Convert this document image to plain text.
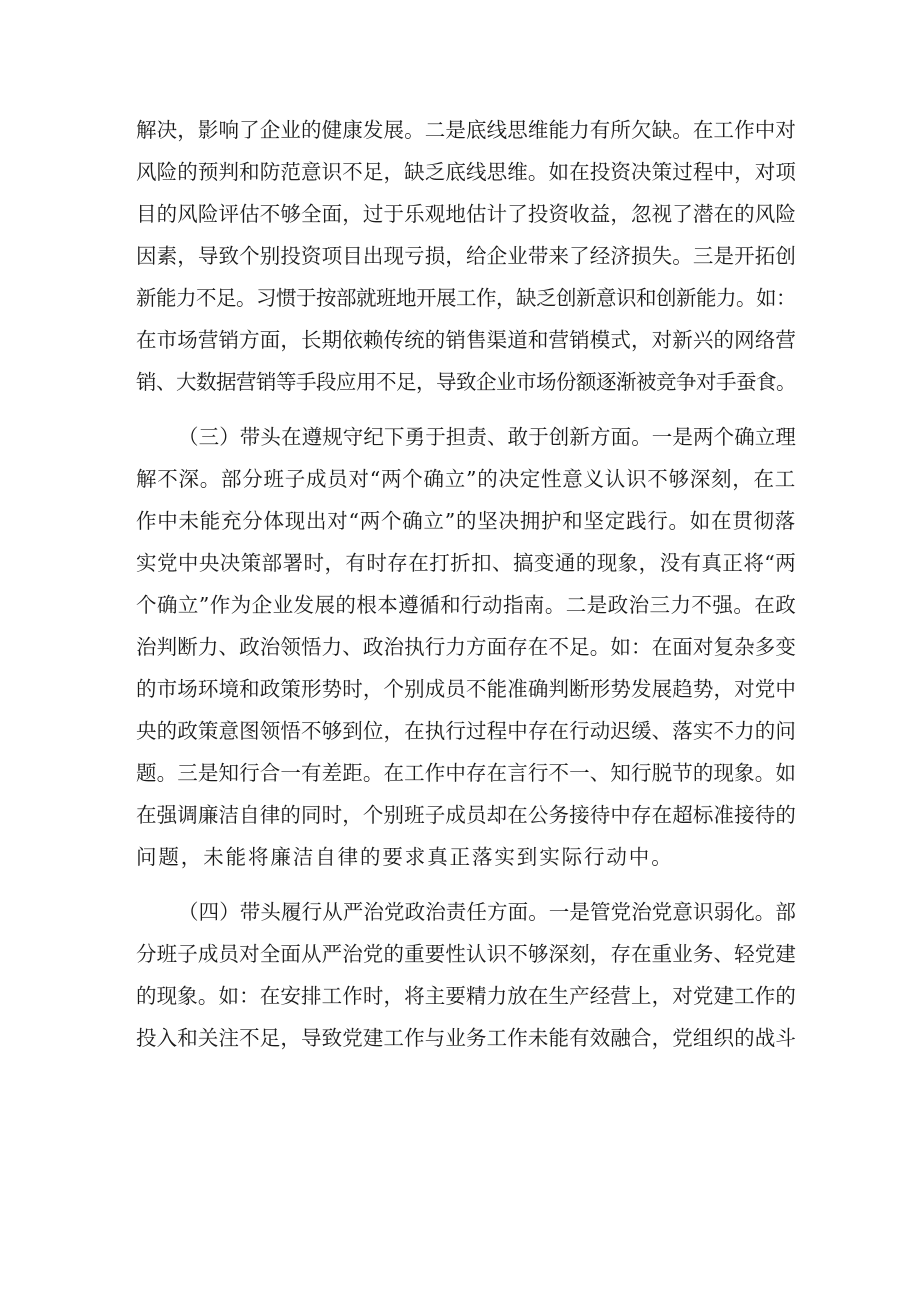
解决，影响了企业的健康发展。二是底线思维能力有所欠缺。在工作中对
风险的预判和防范意识不足，缺乏底线思维。如在投资决策过程中，对项
目的风险评估不够全面，过于乐观地估计了投资收益，忽视了潜在的风险
因素，导致个别投资项目出现亏损，给企业带来了经济损失。三是开拓创
新能力不足。习惯于按部就班地开展工作，缺乏创新意识和创新能力。如：
在市场营销方面，长期依赖传统的销售渠道和营销模式，对新兴的网络营
销、大数据营销等手段应用不足，导致企业市场份额逐渐被竞争对手蚕食。
（三）带头在遵规守纪下勇于担责、敢于创新方面。一是两个确立理
解不深。部分班子成员对“两个确立”的决定性意义认识不够深刻，在工
作中未能充分体现出对“两个确立”的坚决拥护和坚定践行。如在贯彻落
实党中央决策部署时，有时存在打折扣、搞变通的现象，没有真正将“两
个确立”作为企业发展的根本遵循和行动指南。二是政治三力不强。在政
治判断力、政治领悟力、政治执行力方面存在不足。如：在面对复杂多变
的市场环境和政策形势时，个别成员不能准确判断形势发展趋势，对党中
央的政策意图领悟不够到位，在执行过程中存在行动迟缓、落实不力的问
题。三是知行合一有差距。在工作中存在言行不一、知行脱节的现象。如
在强调廉洁自律的同时，个别班子成员却在公务接待中存在超标准接待的
问题，未能将廉洁自律的要求真正落实到实际行动中。
（四）带头履行从严治党政治责任方面。一是管党治党意识弱化。部
分班子成员对全面从严治党的重要性认识不够深刻，存在重业务、轻党建
的现象。如：在安排工作时，将主要精力放在生产经营上，对党建工作的
投入和关注不足，导致党建工作与业务工作未能有效融合，党组织的战斗
